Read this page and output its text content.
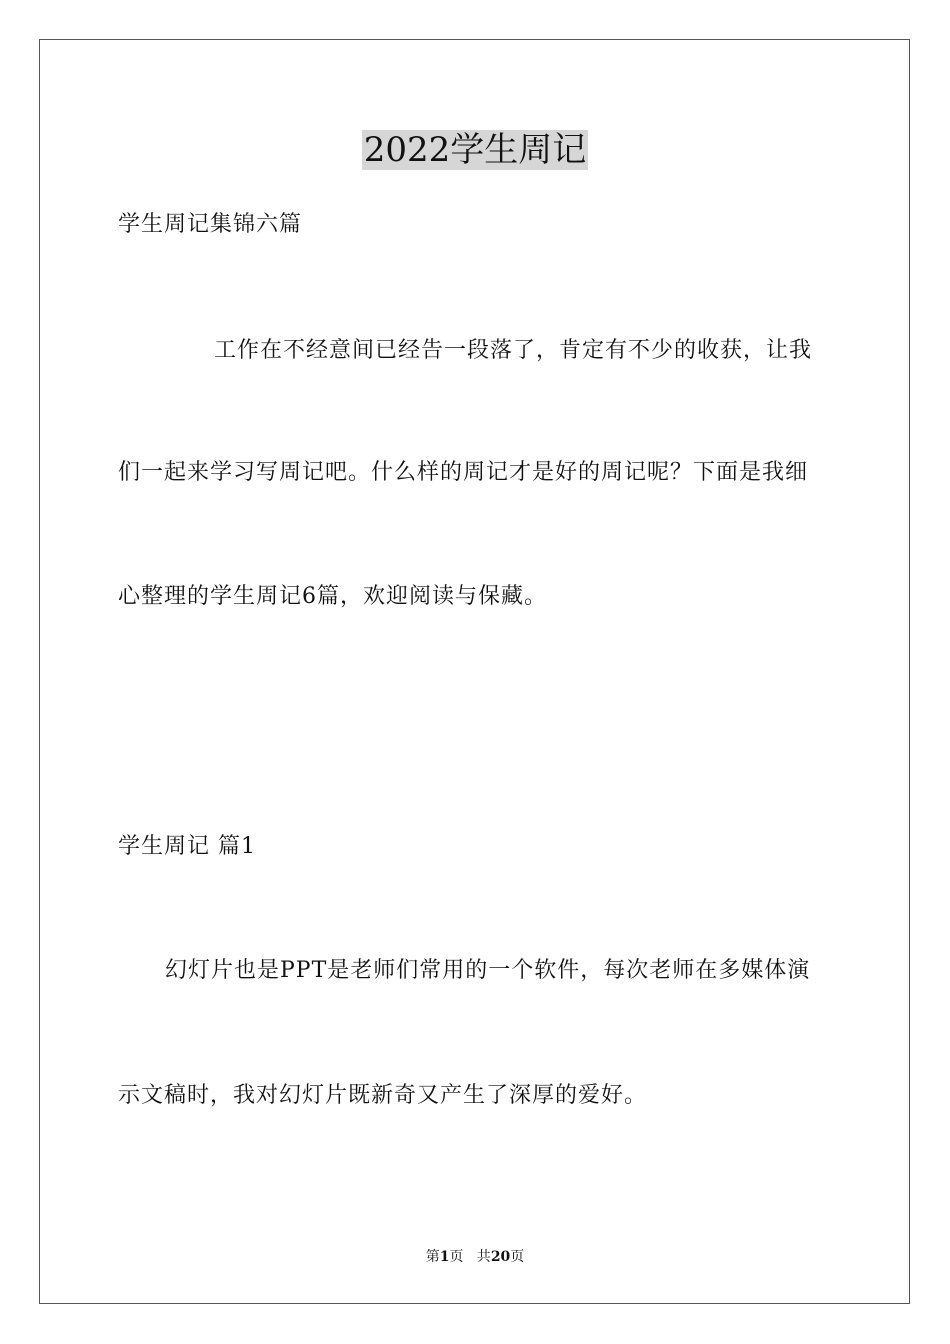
2022学生周记
学生周记集锦六篇
工作在不经意间已经告一段落了，肯定有不少的收获，让我
们一起来学习写周记吧。什么样的周记才是好的周记呢？下面是我细
心整理的学生周记6篇，欢迎阅读与保藏。
学生周记 篇1
幻灯片也是PPT是老师们常用的一个软件，每次老师在多媒体演
示文稿时，我对幻灯片既新奇又产生了深厚的爱好。
第1页   共20页
